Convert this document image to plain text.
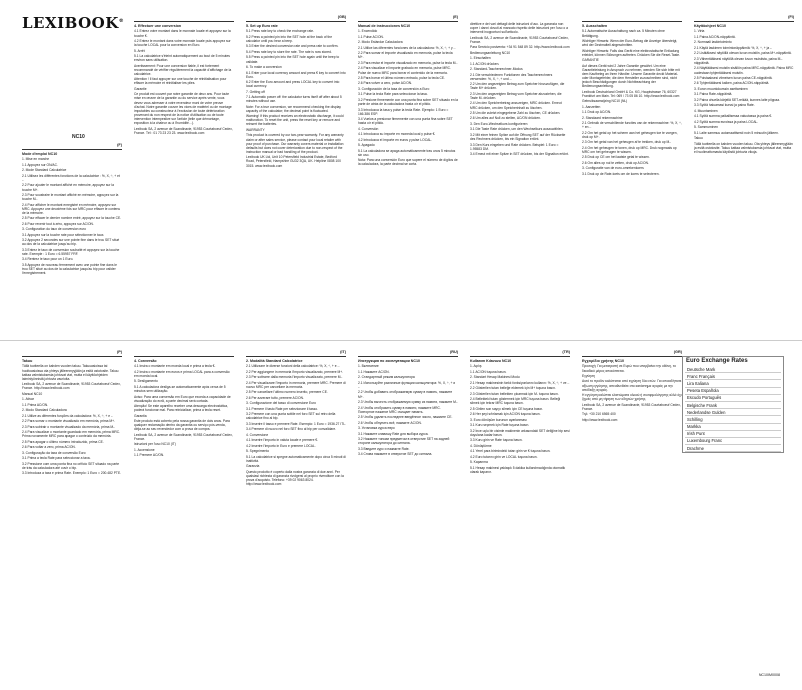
LEXIBOOK®
NC10
(F)
Mode d'emploi NC10

1. Mise en marche

1.1 Appuyez sur ON/AC.

2. Mode Standard Calculatrice

2.1 Utilisez les différentes fonctions de la calculatrice : %, X, ÷, + et -.

2.2 Pour ajouter le montant affiché en mémoire, appuyez sur la touche M+.

2.3 Pour soustraire le montant affiché en mémoire, appuyez sur la touche M-.

2.4 Pour afficher le montant enregistré en mémoire, appuyez sur MRC. Appuyez une deuxième fois sur MRC pour effacer le contenu de la mémoire.

2.5 Pour effacer le dernier nombre entré, appuyez sur la touche CE.

2.6 Pour revenir tout à zéro, appuyez sur AC/ON.

3. Configuration du taux de conversion euro

3.1 Appuyez sur la touche rate pour sélectionner le taux.

3.2 Appuyez 2 secondes sur une pointe fine dans le trou SET situé au dos de la calculatrice jusqu'au bip.

3.3 Entrez le taux de conversion souhaité et appuyez sur la touche rate. Exemple : 1 Euro = 6.55957 FRF.

3.4 Rentrez le taux pour un 1 Euro.

3.5 Appuyez de nouveau fermement avec une pointe fine dans le trou SET situé au dos de la calculatrice jusqu'au bip pour valider l'enregistrement.

4. Effectuer une conversion

4.1 Entrez votre montant dans le monnaie locale et appuyez sur la touche €.

4.2 Entrez le montant dans votre monnaie locale puis appuyez sur la touche LOCAL pour la conversion en Euro.

5. Arrêt

5.1 La calculatrice s'éteint automatiquement au bout de 5 minutes environ sans utilisation.

Avertissement: Pour une conversion fiable, il est fortement recommandé de vérifier régulièrement la capacité d'affichage de la calculatrice.

Attention ! Il faut appuyer sur une touche de réinitialisation pour effacer la mémoire et réinitialiser les piles.

Garantie

Ce produit est couvert par notre garantie de deux ans. Pour toute mise en œuvre de la garantie ou du service après vente, vous devez vous adresser à votre revendeur muni de votre preuve d'achat. Notre garantie couvre les vices de matériel ou de montage imputables au constructeur à l'exclusion de toute détérioration provenant du non respect de la notice d'utilisation ou de toute intervention intempestive sur l'article (telle que démontage, exposition à la chaleur ou à l'humidité…).

Lexibook SA, 2 avenue de Scandinavie, 91953 Courtaboeuf Cedex, France. Tél : 01 73 23 23 23. www.lexibook.com

(GB)
5. Set up Euro rate

5.1 Press rate key to check the exchange rate.

5.2 Press a pointed pin into the SET hole at the back of the calculator until you hear a beep.

5.3 Enter the desired conversion rate and press rate to confirm.

5.4 Press rate key to store the rate. The rate is now stored.

5.5 Press a pointed pin into the SET hole again until the beep to validate.

6. To make a conversion

6.1 Enter your local currency amount and press € key to convert into Euro.

6.2 Enter the Euro amount and press LOCAL key to convert into local currency.

7. Getting off

7.1 Automatic power off: the calculator turns itself off after about 5 minutes without use.

Note: For a true conversion, we recommend checking the display capacity of the calculator; the decimal point is fluctuated.

Warning! If this product receives an electrostatic discharge, it could malfunction. To reset the unit, press the reset key or remove and reinsert the batteries.

WARRANTY

This product is covered by our two-year warranty. For any warranty claim or after sales service, please contact your local retailer with your proof of purchase. Our warranty covers material or installation defaults but does not cover deterioration due to non-respect of the instruction manual or bad handling of the product.

Lexibook UK Ltd, Unit 10 Petersfield Industrial Estate, Bedford Road, Petersfield, Hampshire GU32 3QA, UK. Helpline 0808 100 3015. www.lexibook.com

(E)
Manual de instrucciones NC10

1. Encendido

1.1 Pulse AC/ON.

2. Modo Estándar Calculadora

2.1 Utilice las diferentes funciones de la calculadora: %, X, ÷, + y -.

2.2 Para sumar el importe visualizado en memoria, pulse la tecla M+.

2.3 Para restar el importe visualizado en memoria, pulse la tecla M-.

2.4 Para visualizar el importe grabado en memoria, pulse MRC. Pulse de nuevo MRC para borrar el contenido de la memoria.

2.5 Para borrar el último número entrado, pulse la tecla CE.

2.6 Para volver a cero, pulse AC/ON.

3. Configuración de la tasa de conversión a Euro

3.1 Pulse la tecla Rate para seleccionar la tasa.

3.2 Presione firmemente con una punta fina sobre SET situado en la parte de atrás de la calculadora hasta oír el pitido.

3.3 Introduzca la tasa y pulse la tecla Rate. Ejemplo: 1 Euro = 166.386 ESP.

3.4 Vuelva a presionar firmemente con una punta fina sobre SET hasta oír el pitido.

4. Conversión

4.1 Introduzca su importe en moneda local y pulse €.

4.2 Introduzca el importe en euros y pulse LOCAL.

5. Apagado

5.1 La calculadora se apaga automáticamente tras unos 5 minutos sin uso.

Nota: Para una conversión Euro que supere el número de dígitos de la calculadora, la parte decimal se corta.

direttive e dei vari dettagli delle istruzioni d'uso. La garanzia non copre i danni dovuti al mancato rispetto delle istruzioni per l'uso o a interventi inopportuni sull'articolo.

Lexibook SA, 2 avenue de Scandinavie, 91953 Courtaboeuf Cedex, France.

Para Servicio postventa: +34 91 548 89 32. http://www.lexibook.com

Bedienungsanleitung NC10

1. Einschalten

1.1 AC/ON drücken.

2. Standard-Taschenrechner-Modus

2.1 Die verschiedenen Funktionen des Taschenrechners verwenden: %, X, ÷, + und -.

2.2 Um den angezeigten Betrag zum Speicher hinzuzufügen, die Taste M+ drücken.

2.3 Um den angezeigten Betrag vom Speicher abzuziehen, die Taste M- drücken.

2.4 Um den Speicherbetrag anzuzeigen, MRC drücken. Erneut MRC drücken, um den Speicherinhalt zu löschen.

2.5 Um die zuletzt eingegebene Zahl zu löschen, CE drücken.

2.6 Um alles auf Null zu stellen, AC/ON drücken.

3. Den Euro-Wechselkurs konfigurieren

3.1 Die Taste Rate drücken, um den Wechselkurs auszuwählen.

3.2 Mit einer feinen Spitze auf die Öffnung SET auf der Rückseite des Rechners drücken, bis ein Signalton ertönt.

3.3 Den Kurs eingeben und Rate drücken. Beispiel: 1 Euro = 1.95583 DM.

3.4 Erneut mit einer Spitze in SET drücken, bis der Signalton ertönt.

5. Ausschalten

5.1 Automatische Ausschaltung nach ca. 5 Minuten ohne Betätigung.

Wichtiger Hinweis: Wenn der Euro-Betrag die Anzeige übersteigt, wird der Dezimalteil abgeschnitten.

Wichtiger Hinweis: Falls das Gerät eine elektrostatische Entladung erleidet, können Störungen auftreten. Drücken Sie die Reset-Taste.

GARANTIE

Auf dieses Gerät wird 2 Jahre Garantie gewährt. Um eine Garantieleistung in Anspruch zu nehmen, wenden Sie sich bitte mit dem Kaufbeleg an Ihren Händler. Unsere Garantie deckt Material- oder Montagefehler, die dem Hersteller zuzuschreiben sind, nicht jedoch Beschädigungen durch Nichtbeachtung der Bedienungsanleitung.

Lexibook Deutschland GmbH & Co. KG, Hauptstrasse 76, 60327 Frankfurt am Main. Tel: 069 / 73 05 86 10. http://www.lexibook.com

Gebruiksaanwijzing NC10 (NL)

1. Aanzetten

1.1 Druk op AC/ON.

2. Standaard rekenmachine

2.1 Gebruik de verschillende functies van de rekenmachine: %, X, ÷, + en -.

2.2 Om het getal op het scherm aan het geheugen toe te voegen, druk op M+.

2.3 Om het getal van het geheugen af te trekken, druk op M-.

2.4 Om het geheugen te tonen, druk op MRC. Druk nogmaals op MRC om het geheugen te wissen.

2.5 Druk op CE om het laatste getal te wissen.

2.6 Om alles op nul te zetten, druk op AC/ON.

3. Configuratie van de euro-omrekenkoers

3.1 Druk op de Rate-toets om de koers te selecteren.

(FI)
Käyttöohjeet NC10

1. Virta

1.1 Paina AC/ON-näppäintä.

2. Normaali laskintoiminto

2.1 Käytä laskimen toimintonäppäimiä: %, X, ÷, + ja -.

2.2 Lisätäksesi näytöllä olevan luvun muistiin, paina M+-näppäintä.

2.3 Vähentääksesi näytöllä olevan luvun muistista, paina M--näppäintä.

2.4 Näyttääksesi muistin sisällön paina MRC-näppäintä. Paina MRC uudestaan tyhjentääksesi muistin.

2.5 Poistaaksesi viimeisen luvun paina CE-näppäintä.

2.6 Tyhjentääksesi kaiken, paina AC/ON-näppäintä.

3. Euron muuntokurssin asettaminen

3.1 Paina Rate-näppäintä.

3.2 Paina ohuella kärjellä SET-reikää, kunnes laite piippaa.

3.3 Syötä haluamasi kurssi ja paina Rate.

4. Muuntaminen

4.1 Syötä summa paikallisessa valuutassa ja paina €.

4.2 Syötä summa euroissa ja paina LOCAL.

5. Sammuminen

5.1 Laite sammuu automaattisesti noin 5 minuutin jälkeen.

Takuu

Tällä tuotteella on kahden vuoden takuu. Ota yhteys jälleenmyyjään ja esitä ostotosite. Takuu kattaa valmistuksesta johtuvat viat, mutta ei huolimattomasta käytöstä johtuvia vikoja.

(P)
Takuu

Tällä tuotteella on kahden vuoden takuu. Takuuasioissa tai huoltoasioissa ota yhteys jälleenmyyjään ja esitä ostotosite. Takuu kattaa valmistuksesta johtuvat viat, mutta ei käyttöohjeiden laiminlyönnistä johtuvia vaurioita.

Lexibook SA, 2 avenue de Scandinavie, 91953 Courtaboeuf Cedex, France. http://www.lexibook.com

Manual NC10

1. Ativar

1.1 Prima AC/ON.

2. Modo Standard Calculadora

2.1 Utilize as diferentes funções da calculadora: %, X, ÷, + e -.

2.2 Para somar o montante visualizado em memória, prima M+.

2.3 Para subtrair o montante visualizado da memória, prima M-.

2.4 Para visualizar o montante guardado em memória, prima MRC. Prima novamente MRC para apagar o conteúdo da memória.

2.5 Para apagar o último número introduzido, prima CE.

2.6 Para voltar a zero, prima AC/ON.

3. Configuração da taxa de conversão Euro

3.1 Prima a tecla Rate para seleccionar a taxa.

3.2 Pressione com uma ponta fina no orifício SET situado na parte de trás da calculadora até ouvir o bip.

3.3 Introduza a taxa e prima Rate. Exemplo: 1 Euro = 200.482 PTE.

4. Conversão

4.1 Insira o montante em moeda local e prima a tecla €.

4.2 Insira o montante em euros e prima LOCAL para a conversão em moeda local.

5. Desligamento

5.1 A calculadora desliga-se automaticamente após cerca de 5 minutos sem utilização.

Aviso: Para uma conversão em Euro que exceda a capacidade de visualização do ecrã, a parte decimal será cortada.

Atenção! Se este aparelho receber uma descarga electrostática, poderá funcionar mal. Para reinicializar, prima a tecla reset.

Garantia

Este produto está coberto pela nossa garantia de dois anos. Para qualquer reclamação dentro da garantia ou serviço pós-venda, dirija-se ao seu revendedor com a prova de compra.

Lexibook SA, 2 avenue de Scandinavie, 91953 Courtaboeuf Cedex, France.

Istruzioni per l'uso NC10 (IT)

1. Accensione

1.1 Premere AC/ON.

(IT)
2. Modalità Standard Calcolatrice

2.1 Utilizzare le diverse funzioni della calcolatrice: %, X, ÷, + e -.

2.2 Per aggiungere in memoria l'importo visualizzato, premere M+.

2.3 Per sottrarre dalla memoria l'importo visualizzato, premere M-.

2.4 Per visualizzare l'importo in memoria, premere MRC. Premere di nuovo MRC per cancellare la memoria.

2.5 Per cancellare l'ultimo numero inserito, premere CE.

2.6 Per azzerare tutto, premere AC/ON.

3. Configurazione del tasso di conversione Euro

3.1 Premere il tasto Rate per selezionare il tasso.

3.2 Premere con una punta sottile nel foro SET sul retro della calcolatrice fino al bip.

3.3 Inserire il tasso e premere Rate. Esempio: 1 Euro = 1936.27 ITL.

3.4 Premere di nuovo nel foro SET fino al bip per convalidare.

4. Conversione

4.1 Inserire l'importo in valuta locale e premere €.

4.2 Inserire l'importo in Euro e premere LOCAL.

5. Spegnimento

5.1 La calcolatrice si spegne automaticamente dopo circa 5 minuti di inattività.

Garanzia

Questo prodotto è coperto dalla nostra garanzia di due anni. Per qualsiasi richiesta di garanzia rivolgersi al proprio rivenditore con la prova d'acquisto. Telefono: +39 02 9063 8024. http://www.lexibook.com

(RU)
Инструкция по эксплуатации NC10

1. Включение

1.1 Нажмите AC/ON.

2. Стандартный режим калькулятора

2.1 Используйте различные функции калькулятора: %, X, ÷, + и -.

2.2 Чтобы добавить отображаемую сумму в память, нажмите M+.

2.3 Чтобы вычесть отображаемую сумму из памяти, нажмите M-.

2.4 Чтобы отобразить сумму в памяти, нажмите MRC. Повторное нажатие MRC очищает память.

2.5 Чтобы удалить последнее введённое число, нажмите CE.

2.6 Чтобы обнулить всё, нажмите AC/ON.

3. Установка курса евро

3.1 Нажмите клавишу Rate для выбора курса.

3.2 Нажмите тонким предметом в отверстие SET на задней стороне калькулятора до сигнала.

3.3 Введите курс и нажмите Rate.

3.4 Снова нажмите в отверстие SET до сигнала.

(TR)
Kullanım Kılavuzu NC10

1. Açılış

1.1 AC/ON tuşuna basın.

2. Standart Hesap Makinesi Modu

2.1 Hesap makinesinin farklı fonksiyonlarını kullanın: %, X, ÷, + ve -.

2.2 Gösterilen tutarı belleğe eklemek için M+ tuşuna basın.

2.3 Gösterilen tutarı bellekten çıkarmak için M- tuşuna basın.

2.4 Bellekteki tutarı göstermek için MRC tuşuna basın. Belleği silmek için tekrar MRC tuşuna basın.

2.5 Girilen son sayıyı silmek için CE tuşuna basın.

2.6 Her şeyi sıfırlamak için AC/ON tuşuna basın.

3. Euro dönüşüm kurunun ayarlanması

3.1 Kuru seçmek için Rate tuşuna basın.

3.2 İnce uçlu bir cisimle makinenin arkasındaki SET deliğine bip sesi duyulana kadar basın.

3.3 Kuru girin ve Rate tuşuna basın.

4. Dönüştürme

4.1 Yerel para birimindeki tutarı girin ve € tuşuna basın.

4.2 Euro tutarını girin ve LOCAL tuşuna basın.

5. Kapanma

5.1 Hesap makinesi yaklaşık 5 dakika kullanılmadığında otomatik olarak kapanır.

(GR)
Εγχειρίδιο χρήσης NC10

Προσοχή: Για μετατροπή σε Ευρώ που υπερβαίνει την οθόνη, το δεκαδικό μέρος αποκόπτεται.

Εγγύηση

Αυτό το προϊόν καλύπτεται από εγγύηση δύο ετών. Για οποιαδήποτε αξίωση εγγύησης, απευθυνθείτε στο κατάστημα αγοράς με την απόδειξη αγοράς.

Η εγγύηση καλύπτει ελαττώματα υλικού ή συναρμολόγησης αλλά όχι ζημιές από μη τήρηση των οδηγιών χρήσης.

Lexibook SA, 2 avenue de Scandinavie, 91953 Courtaboeuf Cedex, France.

Τηλ: +30 210 6565 400

http://www.lexibook.com

Euro Exchange Rates
Deutsche Mark
Franc Français
Lira Italiana
Peseta Española
Escudo Português
Belgische Frank
Nederlandse Gulden
Schilling
Markka
Irish Punt
Luxembourg Franc
Drachme
NC10IM0008
